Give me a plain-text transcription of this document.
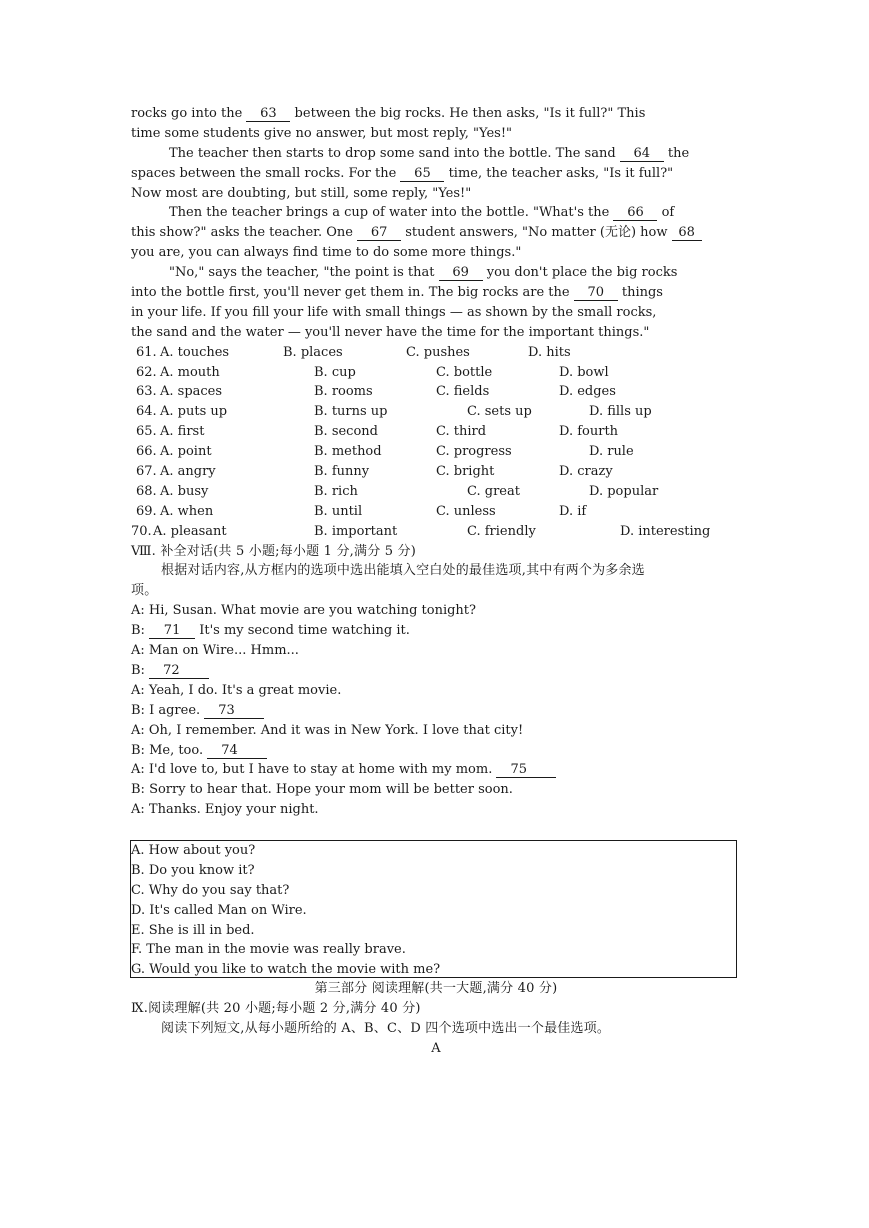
rocks go into the 63 between the big rocks. He then asks, "Is it full?" This
time some students give no answer, but most reply, "Yes!"
The teacher then starts to drop some sand into the bottle. The sand 64 the
spaces between the small rocks. For the 65 time, the teacher asks, "Is it full?"
Now most are doubting, but still, some reply, "Yes!"
Then the teacher brings a cup of water into the bottle. "What's the 66 of
this show?" asks the teacher. One 67 student answers, "No matter (无论) how 68
you are, you can always find time to do some more things."
"No," says the teacher, "the point is that 69 you don't place the big rocks
into the bottle first, you'll never get them in. The big rocks are the 70 things
in your life. If you fill your life with small things — as shown by the small rocks,
the sand and the water — you'll never have the time for the important things."
61. A. touches	B. places	C. pushes	D. hits
62. A. mouth	B. cup	C. bottle	D. bowl
63. A. spaces	B. rooms	C. fields	D. edges
64. A. puts up	B. turns up	C. sets up	D. fills up
65. A. first	B. second	C. third	D. fourth
66. A. point	B. method	C. progress	D. rule
67. A. angry	B. funny	C. bright	D. crazy
68. A. busy	B. rich	C. great	D. popular
69. A. when	B. until	C. unless	D. if
70. A. pleasant	B. important	C. friendly	D. interesting
Ⅷ. 补全对话(共 5 小题;每小题 1 分,满分 5 分)
根据对话内容,从方框内的选项中选出能填入空白处的最佳选项,其中有两个为多余选
项。
A: Hi, Susan. What movie are you watching tonight?
B: 71 It's my second time watching it.
A: Man on Wire... Hmm...
B: 72
A: Yeah, I do. It's a great movie.
B: I agree. 73
A: Oh, I remember. And it was in New York. I love that city!
B: Me, too. 74
A: I'd love to, but I have to stay at home with my mom. 75
B: Sorry to hear that. Hope your mom will be better soon.
A: Thanks. Enjoy your night.
A. How about you?
B. Do you know it?
C. Why do you say that?
D. It's called Man on Wire.
E. She is ill in bed.
F. The man in the movie was really brave.
G. Would you like to watch the movie with me?
第三部分 阅读理解(共一大题,满分 40 分)
Ⅸ.阅读理解(共 20 小题;每小题 2 分,满分 40 分)
阅读下列短文,从每小题所给的 A、B、C、D 四个选项中选出一个最佳选项。
A
